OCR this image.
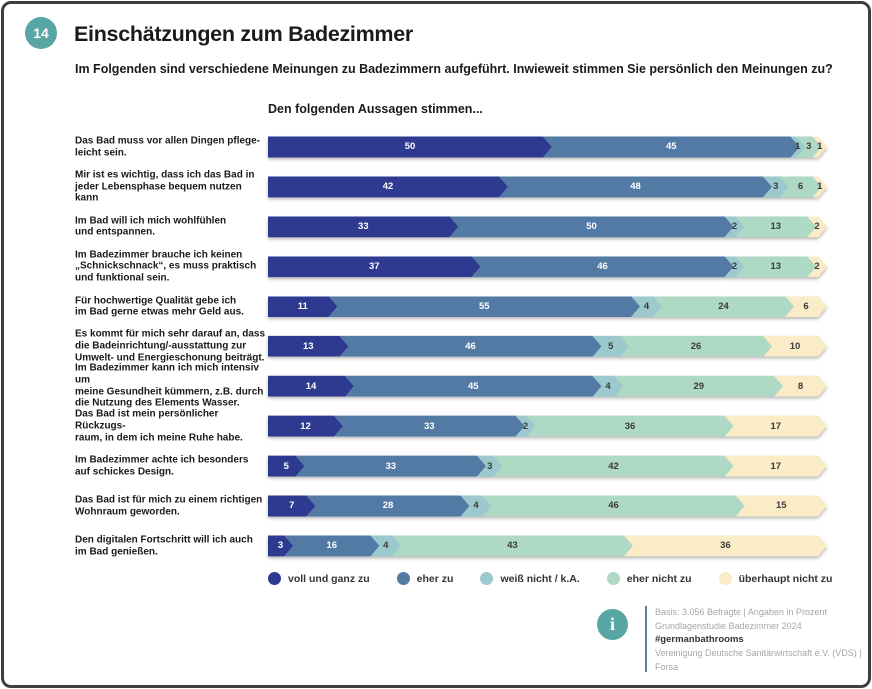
14	Einschätzungen zum Badezimmer
Im Folgenden sind verschiedene Meinungen zu Badezimmern aufgeführt. Inwieweit stimmen Sie persönlich den Meinungen zu?
Den folgenden Aussagen stimmen...
Das Bad muss vor allen Dingen pflege-
leicht sein.	50	45	1 3 1
Mir ist es wichtig, dass ich das Bad in
jeder Lebensphase bequem nutzen
kann
42	48	3 6 1
Im Bad will ich mich wohlfühlen
und entspannen.	33	50	2	13	2
Im Badezimmer brauche ich keinen
„Schnickschnack“, es muss praktisch
und funktional sein.
37	46	2	13	2
Für hochwertige Qualität gebe ich
im Bad gerne etwas mehr Geld aus.	11	55	4	24	6
Es kommt für mich sehr darauf an, dass
die Badeinrichtung/-ausstattung zur
Umwelt- und Energieschonung beiträgt.
13	46	5	26	10
Im Badezimmer kann ich mich intensiv um
meine Gesundheit kümmern, z.B. durch
die Nutzung des Elements Wasser.
14	45	4	29	8
Das Bad ist mein persönlicher Rückzugs-
raum, in dem ich meine Ruhe habe.
12	33	2	36	17
Im Badezimmer achte ich besonders
auf schickes Design.	5	33	3	42	17
Das Bad ist für mich zu einem richtigen
Wohnraum geworden.	7	28	4	46	15
Den digitalen Fortschritt will ich auch
im Bad genießen.	3	16	4	43	36
voll und ganz zu	eher zu	weiß nicht / k.A.	eher nicht zu	überhaupt nicht zu
i
Basis: 3.056 Befragte | Angaben in Prozent
Grundlagenstudie Badezimmer 2024
#germanbathrooms
Vereinigung Deutsche Sanitärwirtschaft e.V. (VDS) |
Forsa
